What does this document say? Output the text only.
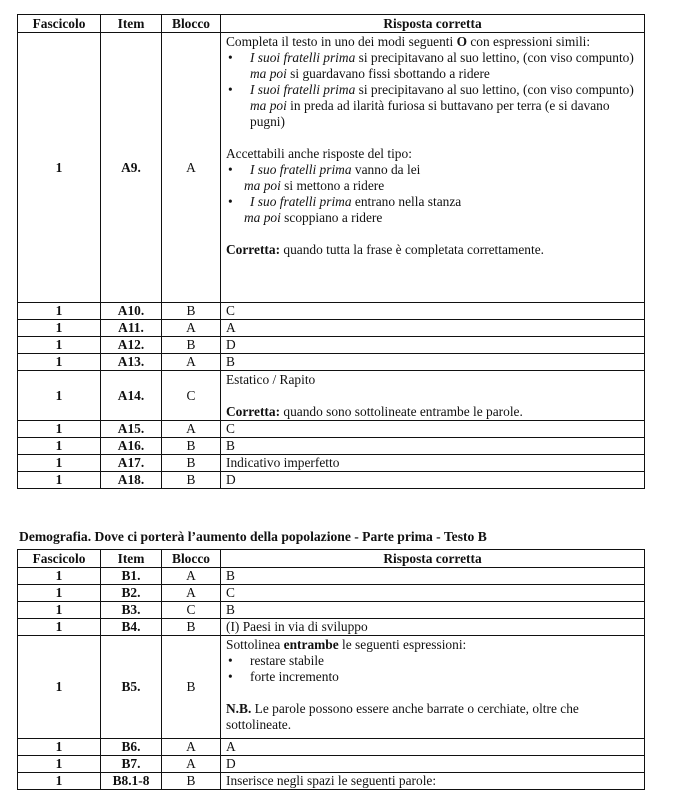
Fascicolo	Item	Blocco	Risposta corretta
1	A9.	A	
Completa il testo in uno dei modi seguenti O con espressioni simili:
•	I suoi fratelli prima si precipitavano al suo lettino, (con viso compunto)
ma poi si guardavano fissi sbottando a ridere
•	I suoi fratelli prima si precipitavano al suo lettino, (con viso compunto)
ma poi in preda ad ilarità furiosa si buttavano per terra (e si davano pugni)
Accettabili anche risposte del tipo:
•	I suo fratelli prima vanno da lei
ma poi si mettono a ridere
•	I suo fratelli prima entrano nella stanza
ma poi scoppiano a ridere
Corretta: quando tutta la frase è completata correttamente.

1	A10.	B	C
1	A11.	A	A
1	A12.	B	D
1	A13.	A	B
1	A14.	C	Estatico / Rapito
Corretta: quando sono sottolineate entrambe le parole.

1	A15.	A	C
1	A16.	B	B
1	A17.	B	Indicativo imperfetto
1	A18.	B	D
Demografia. Dove ci porterà l’aumento della popolazione - Parte prima - Testo B
Fascicolo	Item	Blocco	Risposta corretta
1	B1.	A	B
1	B2.	A	C
1	B3.	C	B
1	B4.	B	(I) Paesi in via di sviluppo
1	B5.	B	
Sottolinea entrambe le seguenti espressioni:
•	restare stabile
•	forte incremento
N.B. Le parole possono essere anche barrate o cerchiate, oltre che sottolineate.

1	B6.	A	A
1	B7.	A	D
1	B8.1-8	B	Inserisce negli spazi le seguenti parole:
